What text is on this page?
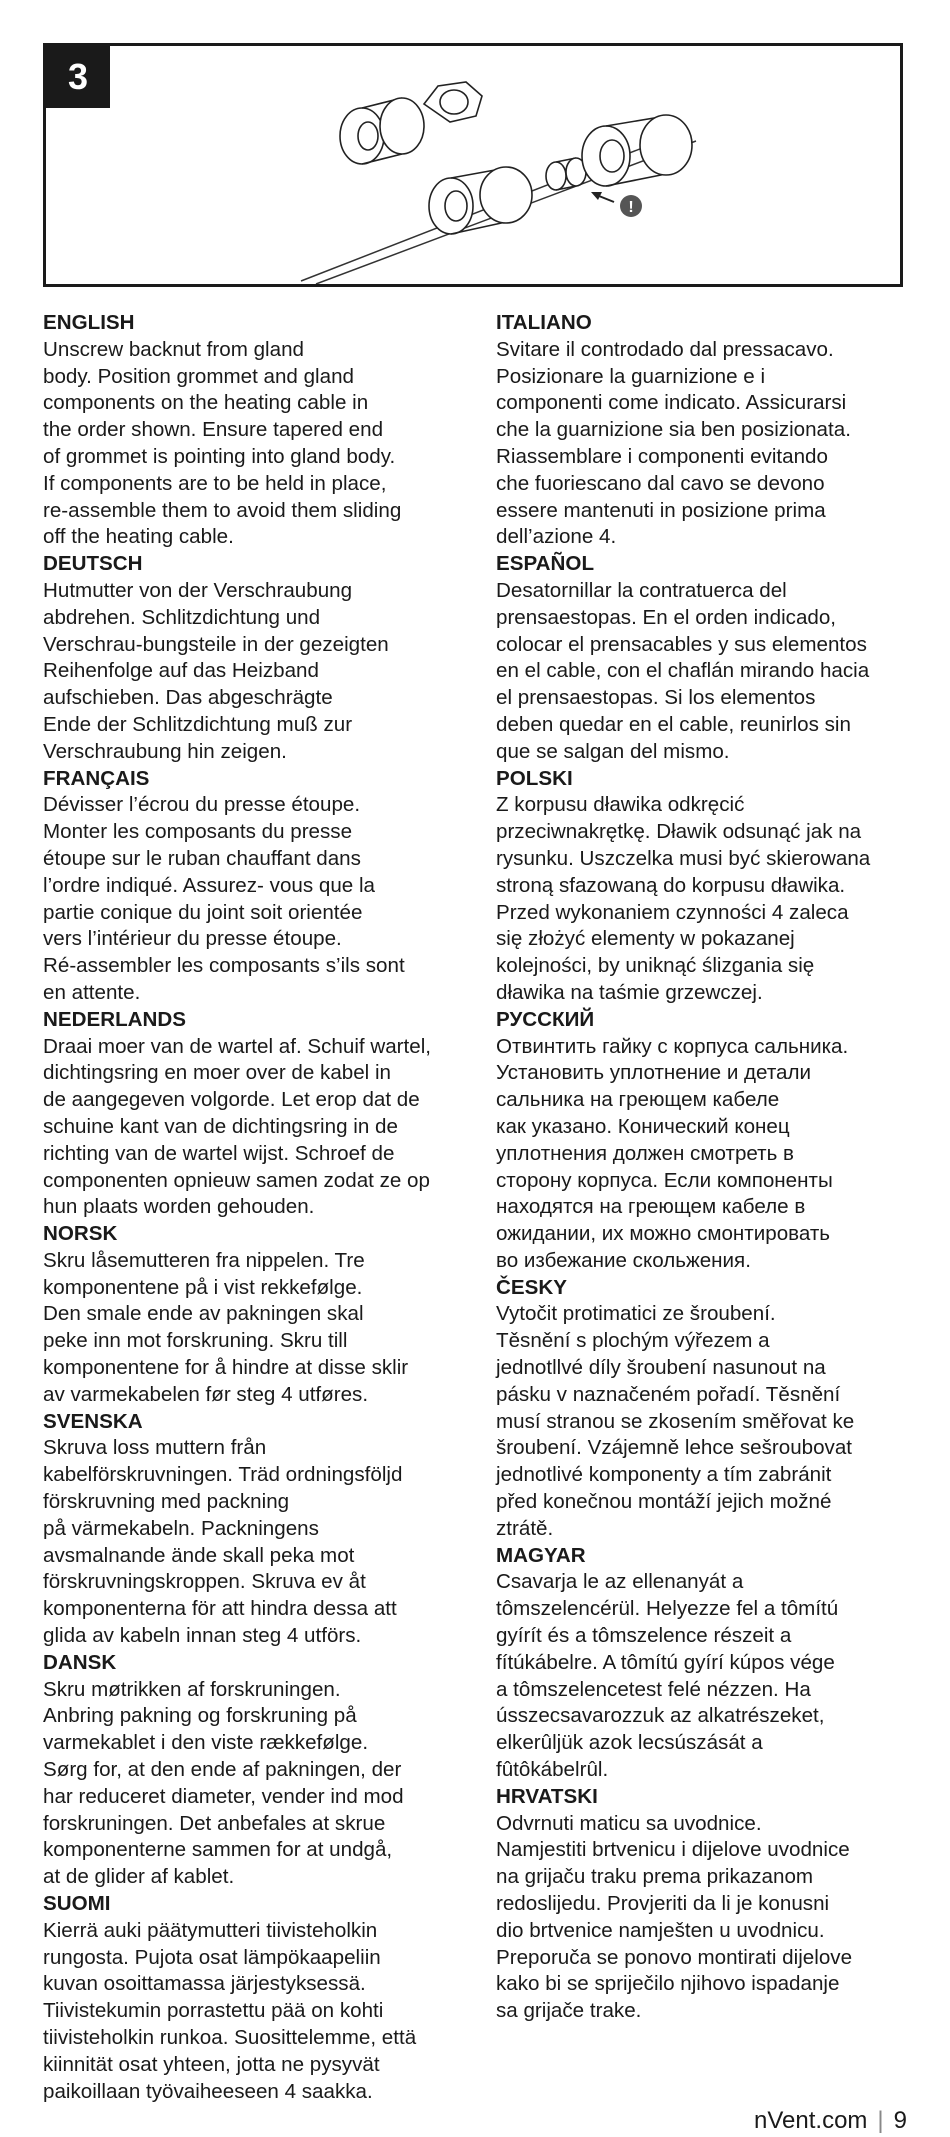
3
!
ENGLISH
Unscrew backnut from gland
body. Position grommet and gland
components on the heating cable in
the order shown. Ensure tapered end
of grommet is pointing into gland body.
If components are to be held in place,
re-assemble them to avoid them sliding
off the heating cable.
DEUTSCH
Hutmutter von der Verschraubung
abdrehen. Schlitzdichtung und
Verschrau-bungsteile in der gezeigten
Reihenfolge auf das Heizband
aufschieben. Das abgeschrägte
Ende der Schlitzdichtung muß zur
Verschraubung hin zeigen.
FRANÇAIS
Dévisser l’écrou du presse étoupe.
Monter les composants du presse
étoupe sur le ruban chauffant dans
l’ordre indiqué. Assurez- vous que la
partie conique du joint soit orientée
vers l’intérieur du presse étoupe.
Ré-assembler les composants s’ils sont
en attente.
NEDERLANDS
Draai moer van de wartel af. Schuif wartel,
dichtingsring en moer over de kabel in
de aangegeven volgorde. Let erop dat de
schuine kant van de dichtingsring in de
richting van de wartel wijst. Schroef de
componenten opnieuw samen zodat ze op
hun plaats worden gehouden.
NORSK
Skru låsemutteren fra nippelen. Tre
komponentene på i vist rekkefølge.
Den smale ende av pakningen skal
peke inn mot forskruning. Skru till
komponentene for å hindre at disse sklir
av varmekabelen før steg 4 utføres.
SVENSKA
Skruva loss muttern från
kabelförskruvningen. Träd ordningsföljd
förskruvning med packning
på värmekabeln. Packningens
avsmalnande ände skall peka mot
förskruvningskroppen. Skruva ev åt
komponenterna för att hindra dessa att
glida av kabeln innan steg 4 utförs.
DANSK
Skru møtrikken af forskruningen.
Anbring pakning og forskruning på
varmekablet i den viste rækkefølge.
Sørg for, at den ende af pakningen, der
har reduceret diameter, vender ind mod
forskruningen. Det anbefales at skrue
komponenterne sammen for at undgå,
at de glider af kablet.
SUOMI
Kierrä auki päätymutteri tiivisteholkin
rungosta. Pujota osat lämpökaapeliin
kuvan osoittamassa järjestyksessä.
Tiivistekumin porrastettu pää on kohti
tiivisteholkin runkoa. Suosittelemme, että
kiinnität osat yhteen, jotta ne pysyvät
paikoillaan työvaiheeseen 4 saakka.
ITALIANO
Svitare il controdado dal pressacavo.
Posizionare la guarnizione e i
componenti come indicato. Assicurarsi
che la guarnizione sia ben posizionata.
Riassemblare i componenti evitando
che fuoriescano dal cavo se devono
essere mantenuti in posizione prima
dell’azione 4.
ESPAÑOL
Desatornillar la contratuerca del
prensaestopas. En el orden indicado,
colocar el prensacables y sus elementos
en el cable, con el chaflán mirando hacia
el prensaestopas. Si los elementos
deben quedar en el cable, reunirlos sin
que se salgan del mismo.
POLSKI
Z korpusu dławika odkręcić
przeciwnakrętkę. Dławik odsunąć jak na
rysunku. Uszczelka musi być skierowana
stroną sfazowaną do korpusu dławika.
Przed wykonaniem czynności 4 zaleca
się złożyć elementy w pokazanej
kolejności, by uniknąć ślizgania się
dławika na taśmie grzewczej.
РУССКИЙ
Отвинтить гайку с корпуса сальника.
Установить уплотнение и детали
сальника на греющем кабеле
как указано. Конический конец
уплотнения должен смотреть в
сторону корпуса. Если компоненты
находятся на греющем кабеле в
ожидании, их можно смонтировать
во избежание скольжения.
ČESKY
Vytočit protimatici ze šroubení.
Těsnění s plochým výřezem a
jednotllvé díly šroubení nasunout na
pásku v naznačeném pořadí. Těsnění
musí stranou se zkosením směřovat ke
šroubení. Vzájemně lehce sešroubovat
jednotlivé komponenty a tím zabránit
před konečnou montáží jejich možné
ztrátě.
MAGYAR
Csavarja le az ellenanyát a
tômszelencérül. Helyezze fel a tômítú
gyírít és a tômszelence részeit a
fítúkábelre. A tômítú gyírí kúpos vége
a tômszelencetest felé nézzen. Ha
ússzecsavarozzuk az alkatrészeket,
elkerûljük azok lecsúszását a
fûtôkábelrûl.
HRVATSKI
Odvrnuti maticu sa uvodnice.
Namjestiti brtvenicu i dijelove uvodnice
na grijaču traku prema prikazanom
redoslijedu. Provjeriti da li je konusni
dio brtvenice namješten u uvodnicu.
Preporuča se ponovo montirati dijelove
kako bi se spriječilo njihovo ispadanje
sa grijače trake.
nVent.com | 9
